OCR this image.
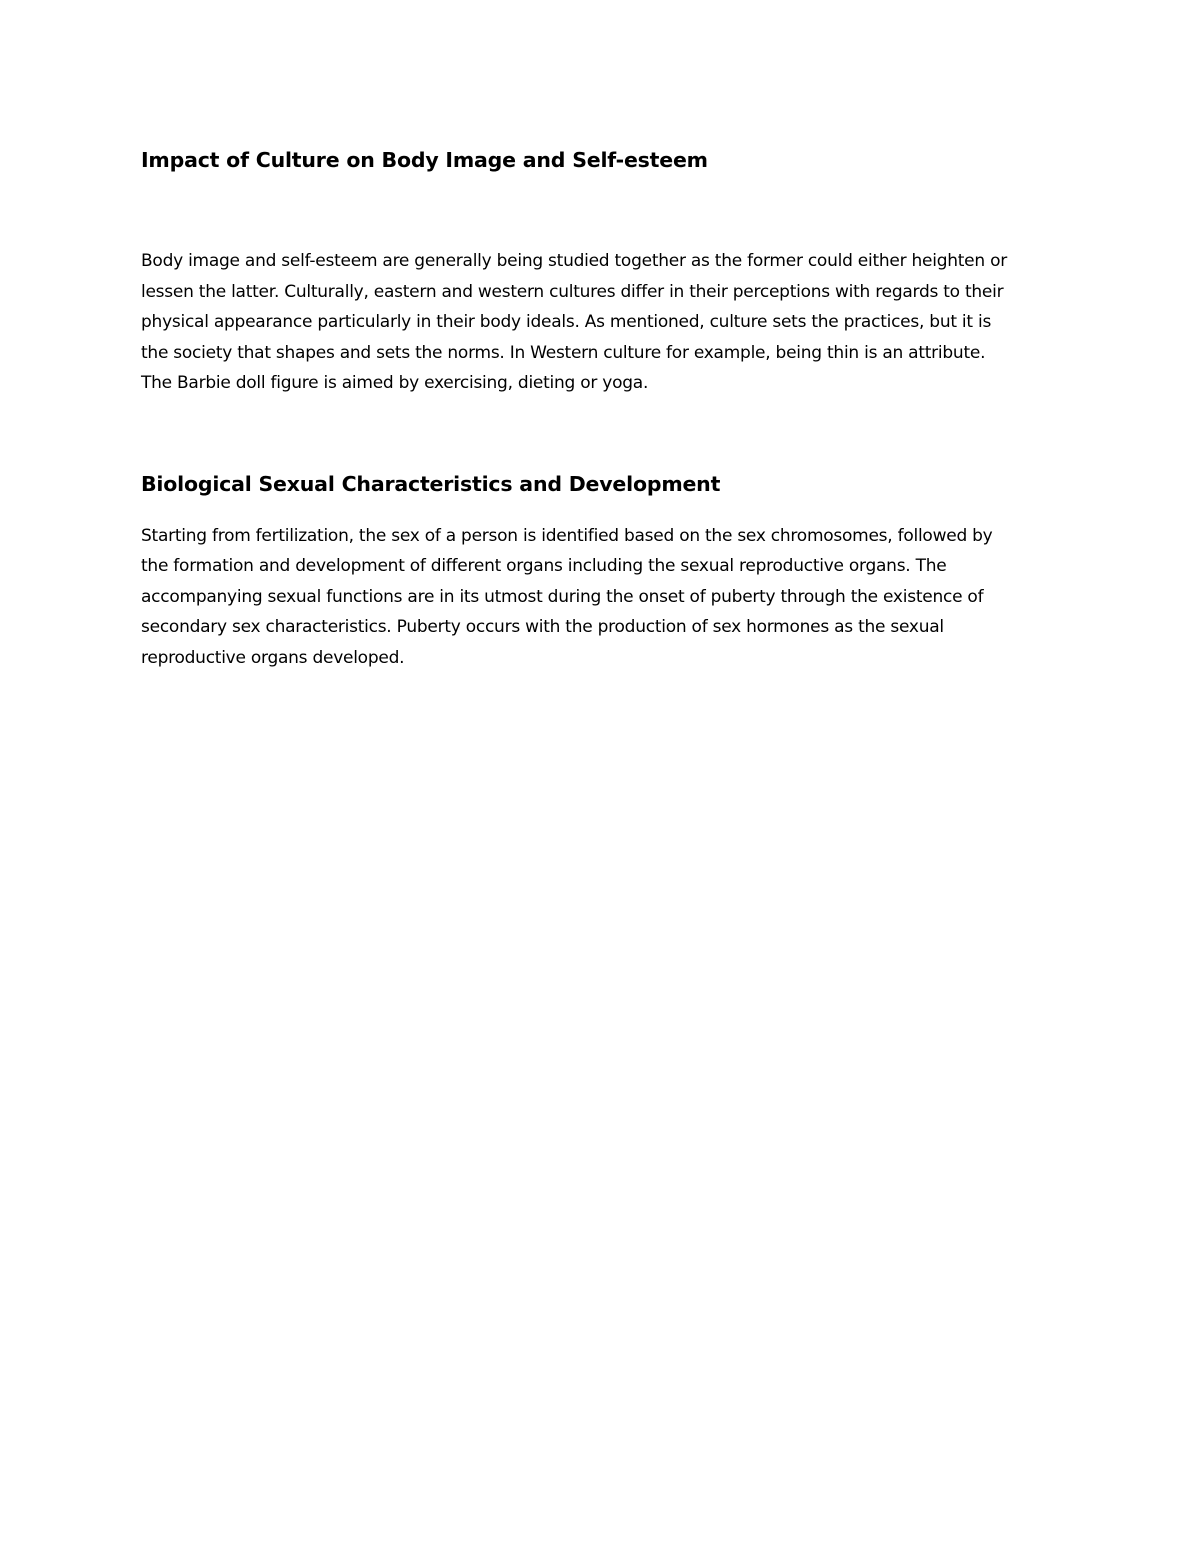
Impact of Culture on Body Image and Self-esteem

Body image and self-esteem are generally being studied together as the former could either heighten or
lessen the latter. Culturally, eastern and western cultures differ in their perceptions with regards to their
physical appearance particularly in their body ideals. As mentioned, culture sets the practices, but it is
the society that shapes and sets the norms. In Western culture for example, being thin is an attribute.
The Barbie doll figure is aimed by exercising, dieting or yoga.

Biological Sexual Characteristics and Development

Starting from fertilization, the sex of a person is identified based on the sex chromosomes, followed by
the formation and development of different organs including the sexual reproductive organs. The
accompanying sexual functions are in its utmost during the onset of puberty through the existence of
secondary sex characteristics. Puberty occurs with the production of sex hormones as the sexual
reproductive organs developed.
